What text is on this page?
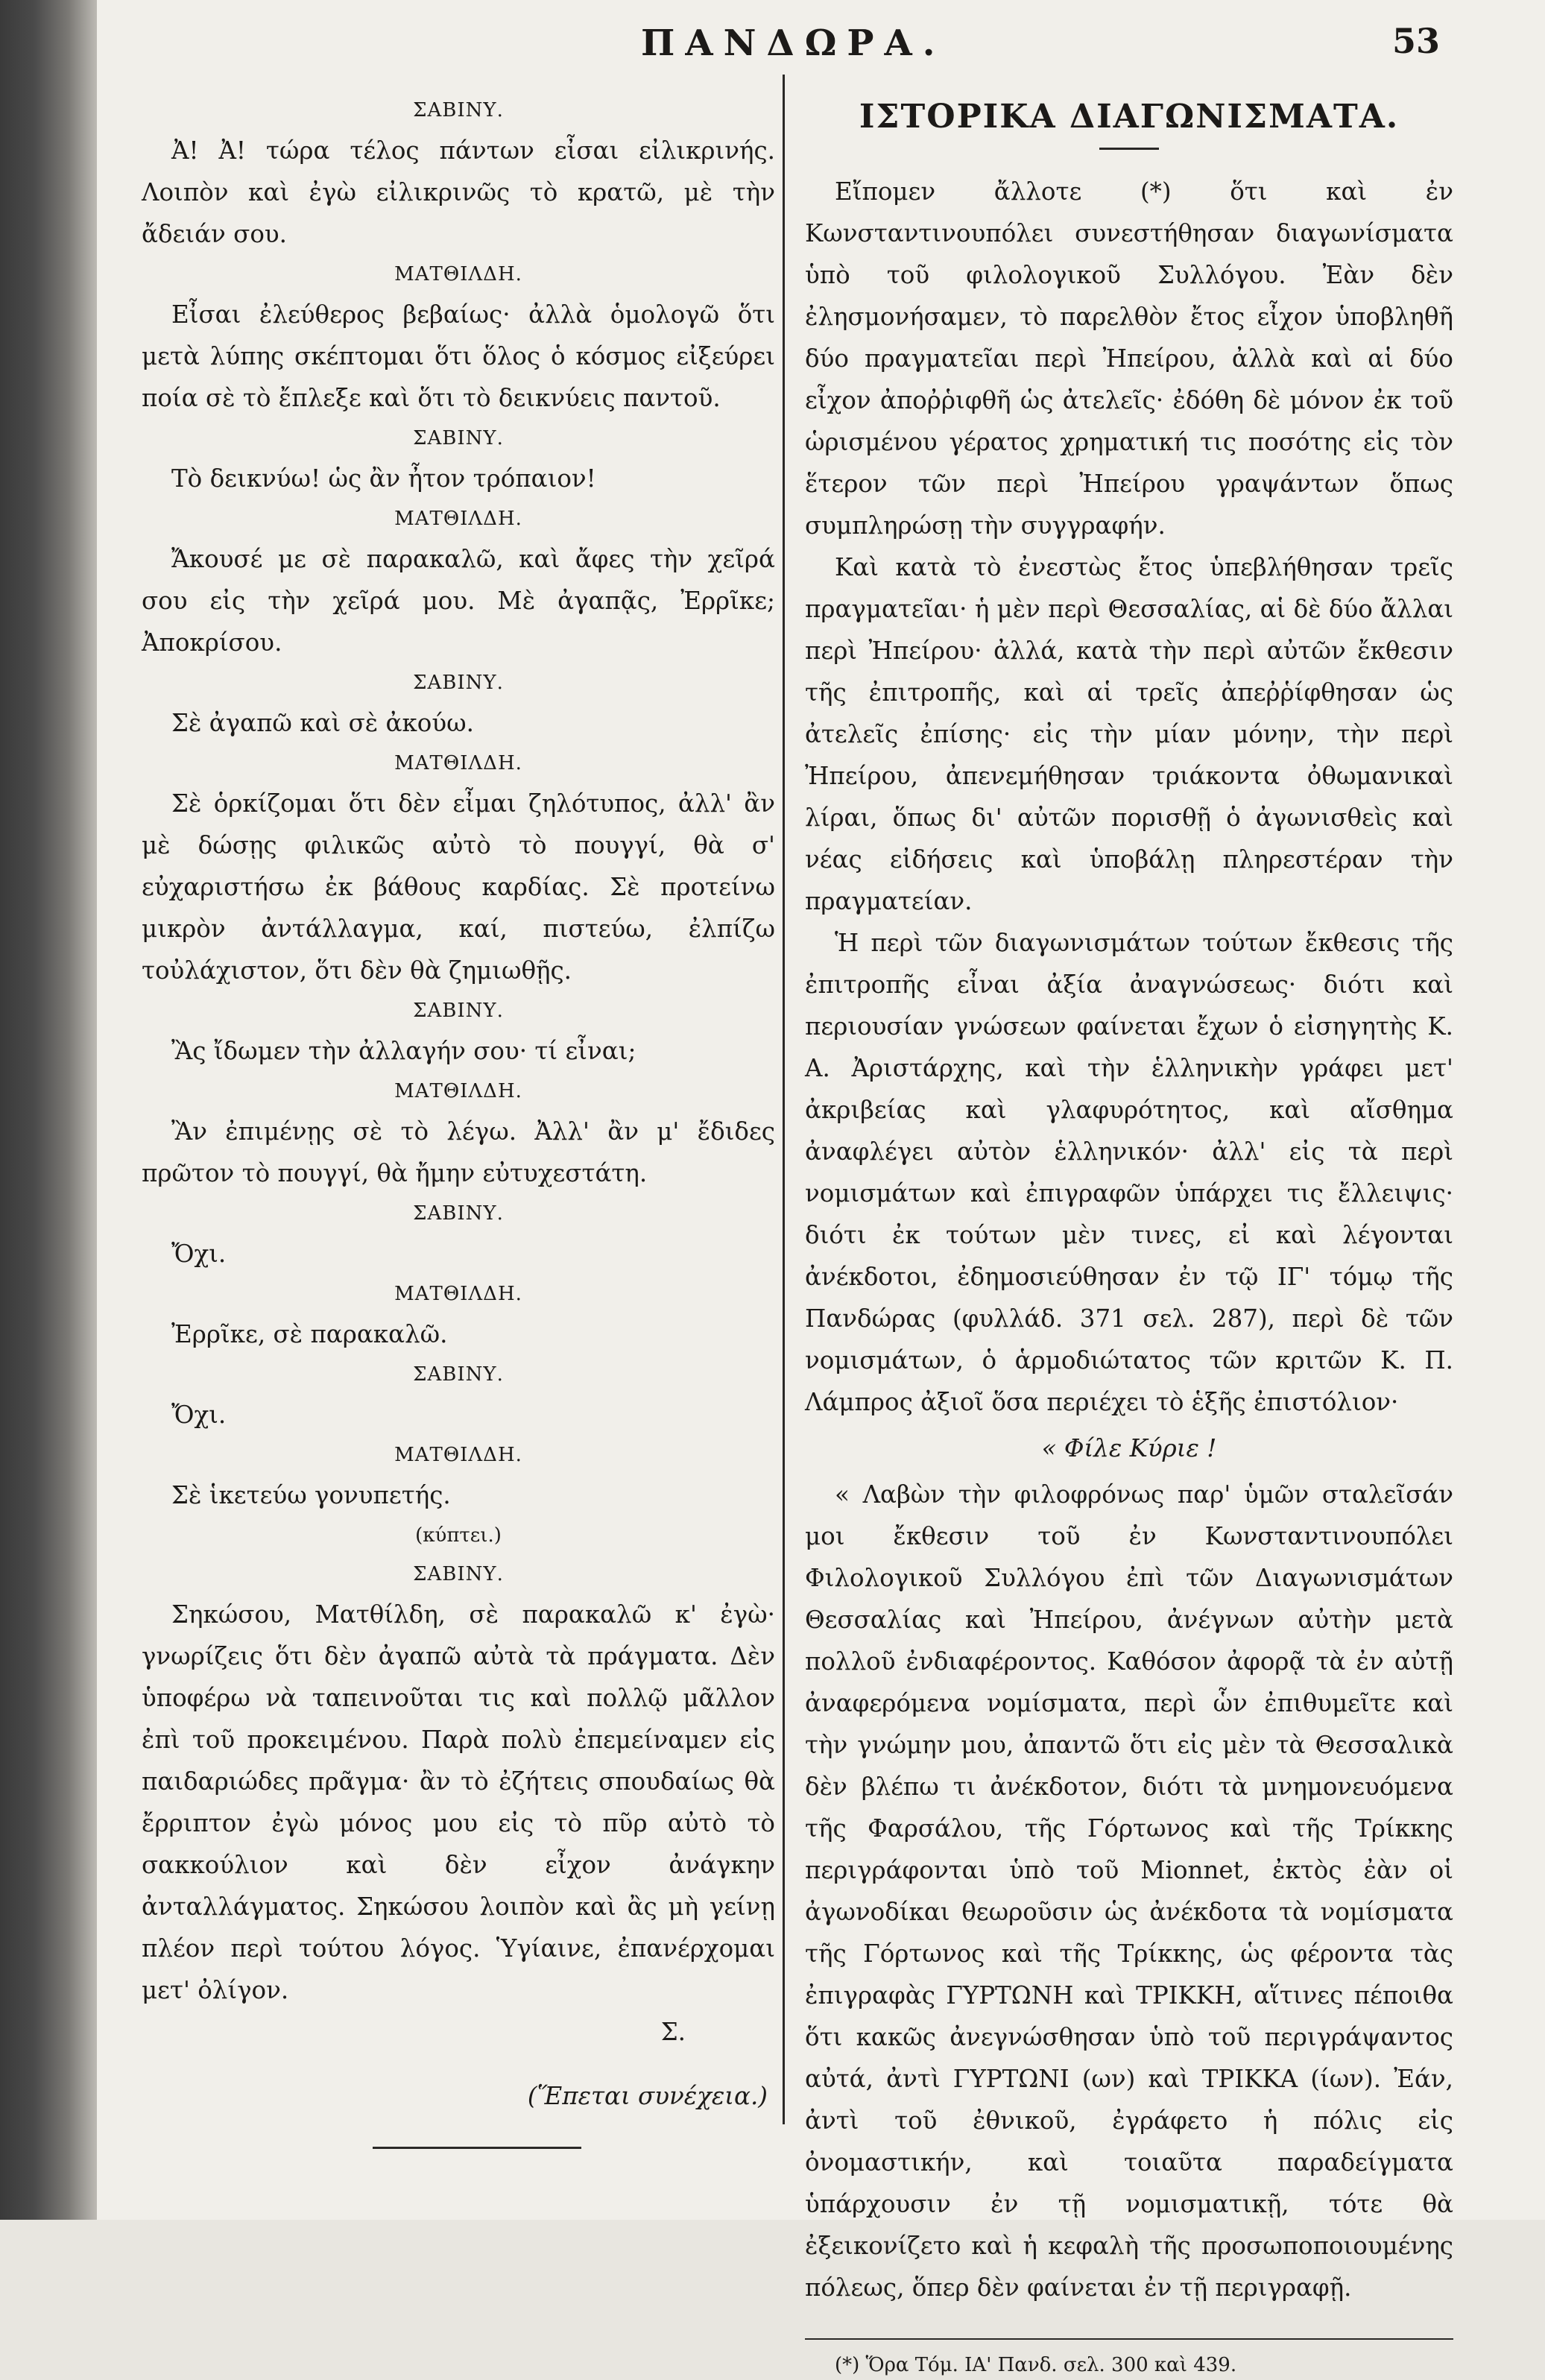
ΠΑΝΔΩΡΑ.	53
ΣΑΒΙΝΥ.

Ἀ! Ἀ! τώρα τέλος πάντων εἶσαι εἰλικρινής. Λοιπὸν καὶ ἐγὼ εἰλικρινῶς τὸ κρατῶ, μὲ τὴν ἄδειάν σου.

ΜΑΤΘΙΛΔΗ.

Εἶσαι ἐλεύθερος βεβαίως· ἀλλὰ ὁμολογῶ ὅτι μετὰ λύπης σκέπτομαι ὅτι ὅλος ὁ κόσμος εἰξεύρει ποία σὲ τὸ ἔπλεξε καὶ ὅτι τὸ δεικνύεις παντοῦ.

ΣΑΒΙΝΥ.

Τὸ δεικνύω! ὡς ἂν ἦτον τρόπαιον!

ΜΑΤΘΙΛΔΗ.

Ἄκουσέ με σὲ παρακαλῶ, καὶ ἄφες τὴν χεῖρά σου εἰς τὴν χεῖρά μου. Μὲ ἀγαπᾷς, Ἐρρῖκε; Ἀποκρίσου.

ΣΑΒΙΝΥ.

Σὲ ἀγαπῶ καὶ σὲ ἀκούω.

ΜΑΤΘΙΛΔΗ.

Σὲ ὁρκίζομαι ὅτι δὲν εἶμαι ζηλότυπος, ἀλλ' ἂν μὲ δώσῃς φιλικῶς αὐτὸ τὸ πουγγί, θὰ σ' εὐχαριστήσω ἐκ βάθους καρδίας. Σὲ προτείνω μικρὸν ἀντάλλαγμα, καί, πιστεύω, ἐλπίζω τοὐλάχιστον, ὅτι δὲν θὰ ζημιωθῇς.

ΣΑΒΙΝΥ.

Ἂς ἴδωμεν τὴν ἀλλαγήν σου· τί εἶναι;

ΜΑΤΘΙΛΔΗ.

Ἂν ἐπιμένῃς σὲ τὸ λέγω. Ἀλλ' ἂν μ' ἔδιδες πρῶτον τὸ πουγγί, θὰ ἤμην εὐτυχεστάτη.

ΣΑΒΙΝΥ.

Ὄχι.

ΜΑΤΘΙΛΔΗ.

Ἐρρῖκε, σὲ παρακαλῶ.

ΣΑΒΙΝΥ.

Ὄχι.

ΜΑΤΘΙΛΔΗ.

Σὲ ἱκετεύω γονυπετής.

(κύπτει.)
ΣΑΒΙΝΥ.

Σηκώσου, Ματθίλδη, σὲ παρακαλῶ κ' ἐγὼ· γνωρίζεις ὅτι δὲν ἀγαπῶ αὐτὰ τὰ πράγματα. Δὲν ὑποφέρω νὰ ταπεινοῦται τις καὶ πολλῷ μᾶλλον ἐπὶ τοῦ προκειμένου. Παρὰ πολὺ ἐπεμείναμεν εἰς παιδαριώδες πρᾶγμα· ἂν τὸ ἐζήτεις σπουδαίως θὰ ἔρριπτον ἐγὼ μόνος μου εἰς τὸ πῦρ αὐτὸ τὸ σακκούλιον καὶ δὲν εἶχον ἀνάγκην ἀνταλλάγματος. Σηκώσου λοιπὸν καὶ ἂς μὴ γείνῃ πλέον περὶ τούτου λόγος. Ὑγίαινε, ἐπανέρχομαι μετ' ὀλίγον.

Σ.
(Ἕπεται συνέχεια.)
ΙΣΤΟΡΙΚΑ ΔΙΑΓΩΝΙΣΜΑΤΑ.

Εἴπομεν ἄλλοτε (*) ὅτι καὶ ἐν Κωνσταντινουπόλει συνεστήθησαν διαγωνίσματα ὑπὸ τοῦ φιλολογικοῦ Συλλόγου. Ἐὰν δὲν ἐλησμονήσαμεν, τὸ παρελθὸν ἔτος εἶχον ὑποβληθῆ δύο πραγματεῖαι περὶ Ἠπείρου, ἀλλὰ καὶ αἱ δύο εἶχον ἀποῤῥιφθῆ ὡς ἀτελεῖς· ἐδόθη δὲ μόνον ἐκ τοῦ ὡρισμένου γέρατος χρηματική τις ποσότης εἰς τὸν ἕτερον τῶν περὶ Ἠπείρου γραψάντων ὅπως συμπληρώσῃ τὴν συγγραφήν.

Καὶ κατὰ τὸ ἐνεστὼς ἔτος ὑπεβλήθησαν τρεῖς πραγματεῖαι· ἡ μὲν περὶ Θεσσαλίας, αἱ δὲ δύο ἄλλαι περὶ Ἠπείρου· ἀλλά, κατὰ τὴν περὶ αὐτῶν ἔκθεσιν τῆς ἐπιτροπῆς, καὶ αἱ τρεῖς ἀπεῤῥίφθησαν ὡς ἀτελεῖς ἐπίσης· εἰς τὴν μίαν μόνην, τὴν περὶ Ἠπείρου, ἀπενεμήθησαν τριάκοντα ὀθωμανικαὶ λίραι, ὅπως δι' αὐτῶν πορισθῇ ὁ ἀγωνισθεὶς καὶ νέας εἰδήσεις καὶ ὑποβάλῃ πληρεστέραν τὴν πραγματείαν.

Ἡ περὶ τῶν διαγωνισμάτων τούτων ἔκθεσις τῆς ἐπιτροπῆς εἶναι ἀξία ἀναγνώσεως· διότι καὶ περιουσίαν γνώσεων φαίνεται ἔχων ὁ εἰσηγητὴς Κ. Α. Ἀριστάρχης, καὶ τὴν ἑλληνικὴν γράφει μετ' ἀκριβείας καὶ γλαφυρότητος, καὶ αἴσθημα ἀναφλέγει αὐτὸν ἑλληνικόν· ἀλλ' εἰς τὰ περὶ νομισμάτων καὶ ἐπιγραφῶν ὑπάρχει τις ἔλλειψις· διότι ἐκ τούτων μὲν τινες, εἰ καὶ λέγονται ἀνέκδοτοι, ἐδημοσιεύθησαν ἐν τῷ ΙΓ' τόμῳ τῆς Πανδώρας (φυλλάδ. 371 σελ. 287), περὶ δὲ τῶν νομισμάτων, ὁ ἁρμοδιώτατος τῶν κριτῶν Κ. Π. Λάμπρος ἀξιοῖ ὅσα περιέχει τὸ ἑξῆς ἐπιστόλιον·

« Φίλε Κύριε !

« Λαβὼν τὴν φιλοφρόνως παρ' ὑμῶν σταλεῖσάν μοι ἔκθεσιν τοῦ ἐν Κωνσταντινουπόλει Φιλολογικοῦ Συλλόγου ἐπὶ τῶν Διαγωνισμάτων Θεσσαλίας καὶ Ἠπείρου, ἀνέγνων αὐτὴν μετὰ πολλοῦ ἐνδιαφέροντος. Καθόσον ἀφορᾷ τὰ ἐν αὐτῇ ἀναφερόμενα νομίσματα, περὶ ὧν ἐπιθυμεῖτε καὶ τὴν γνώμην μου, ἀπαντῶ ὅτι εἰς μὲν τὰ Θεσσαλικὰ δὲν βλέπω τι ἀνέκδοτον, διότι τὰ μνημονευόμενα τῆς Φαρσάλου, τῆς Γόρτωνος καὶ τῆς Τρίκκης περιγράφονται ὑπὸ τοῦ Mionnet, ἐκτὸς ἐὰν οἱ ἀγωνοδίκαι θεωροῦσιν ὡς ἀνέκδοτα τὰ νομίσματα τῆς Γόρτωνος καὶ τῆς Τρίκκης, ὡς φέροντα τὰς ἐπιγραφὰς ΓΥΡΤΩΝΗ καὶ ΤΡΙΚΚΗ, αἵτινες πέποιθα ὅτι κακῶς ἀνεγνώσθησαν ὑπὸ τοῦ περιγράψαντος αὐτά, ἀντὶ ΓΥΡΤΩΝΙ (ων) καὶ ΤΡΙΚΚΑ (ίων). Ἐάν, ἀντὶ τοῦ ἐθνικοῦ, ἐγράφετο ἡ πόλις εἰς ὀνομαστικήν, καὶ τοιαῦτα παραδείγματα ὑπάρχουσιν ἐν τῇ νομισματικῇ, τότε θὰ ἐξεικονίζετο καὶ ἡ κεφαλὴ τῆς προσωποποιουμένης πόλεως, ὅπερ δὲν φαίνεται ἐν τῇ περιγραφῇ.

(*) Ὅρα Τόμ. ΙΑ' Πανδ. σελ. 300 καὶ 439.
